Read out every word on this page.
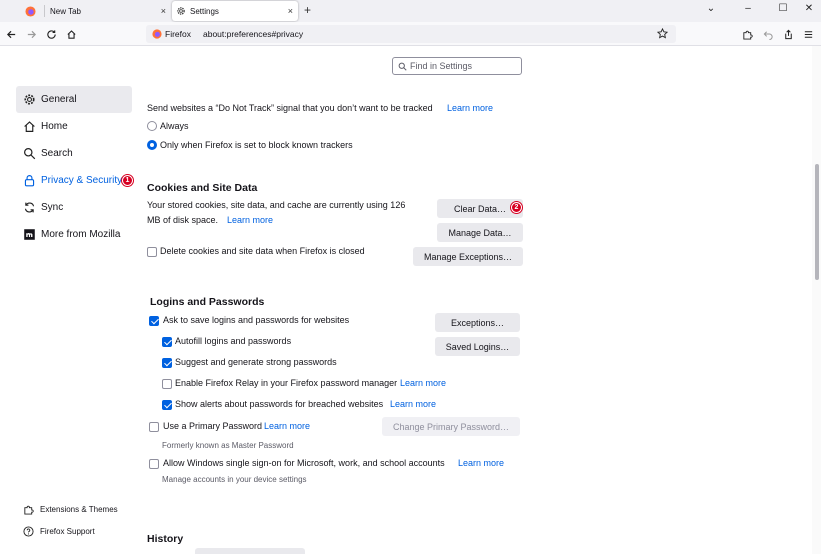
New Tab	×	Settings	× +	⌄	–	☐	✕
Firefox about:preferences#privacy
Find in Settings
General
Home
Search
Privacy & Security 1
Sync
More from Mozilla
Extensions & Themes
Firefox Support
Send websites a “Do Not Track” signal that you don’t want to be tracked Learn more
Always
Only when Firefox is set to block known trackers
Cookies and Site Data
Your stored cookies, site data, and cache are currently using 126
MB of disk space. Learn more
Clear Data…	2
Manage Data…
Delete cookies and site data when Firefox is closed
Manage Exceptions…
Logins and Passwords
Ask to save logins and passwords for websites	Exceptions…
Autofill logins and passwords
Saved Logins…
Suggest and generate strong passwords
Enable Firefox Relay in your Firefox password manager Learn more
Show alerts about passwords for breached websites Learn more
Use a Primary Password Learn more	Change Primary Password…
Formerly known as Master Password
Allow Windows single sign-on for Microsoft, work, and school accounts Learn more
Manage accounts in your device settings
History
